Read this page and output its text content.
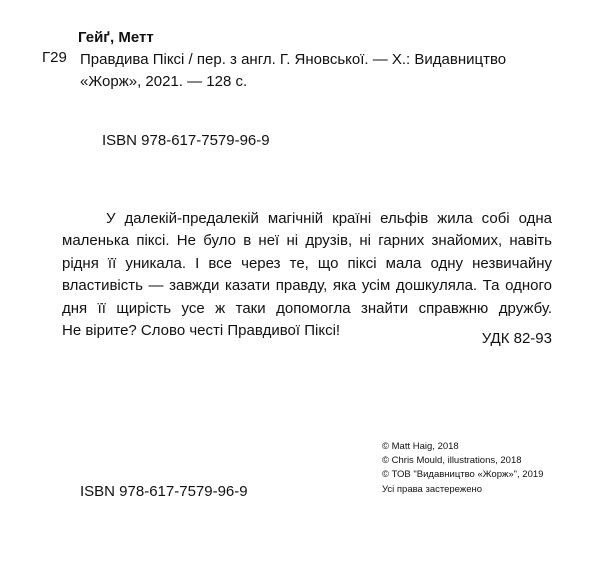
Гейґ, Метт
Г29 Правдива Піксі / пер. з англ. Г. Яновської. — Х.: Видавництво
«Жорж», 2021. — 128 с.
ISBN 978-617-7579-96-9
У далекій-предалекій магічній країні ельфів жила собі одна
маленька піксі. Не було в неї ні друзів, ні гарних знайомих, навіть
рідня її уникала. І все через те, що піксі мала одну незвичайну
властивість — завжди казати правду, яка усім дошкуляла. Та одного
дня її щирість усе ж таки допомогла знайти справжню дружбу.
Не вірите? Слово честі Правдивої Піксі!	УДК 82-93
© Matt Haig, 2018
© Chris Mould, illustrations, 2018
© ТОВ "Видавництво «Жорж»", 2019
ISBN 978-617-7579-96-9	Усі права застережено
